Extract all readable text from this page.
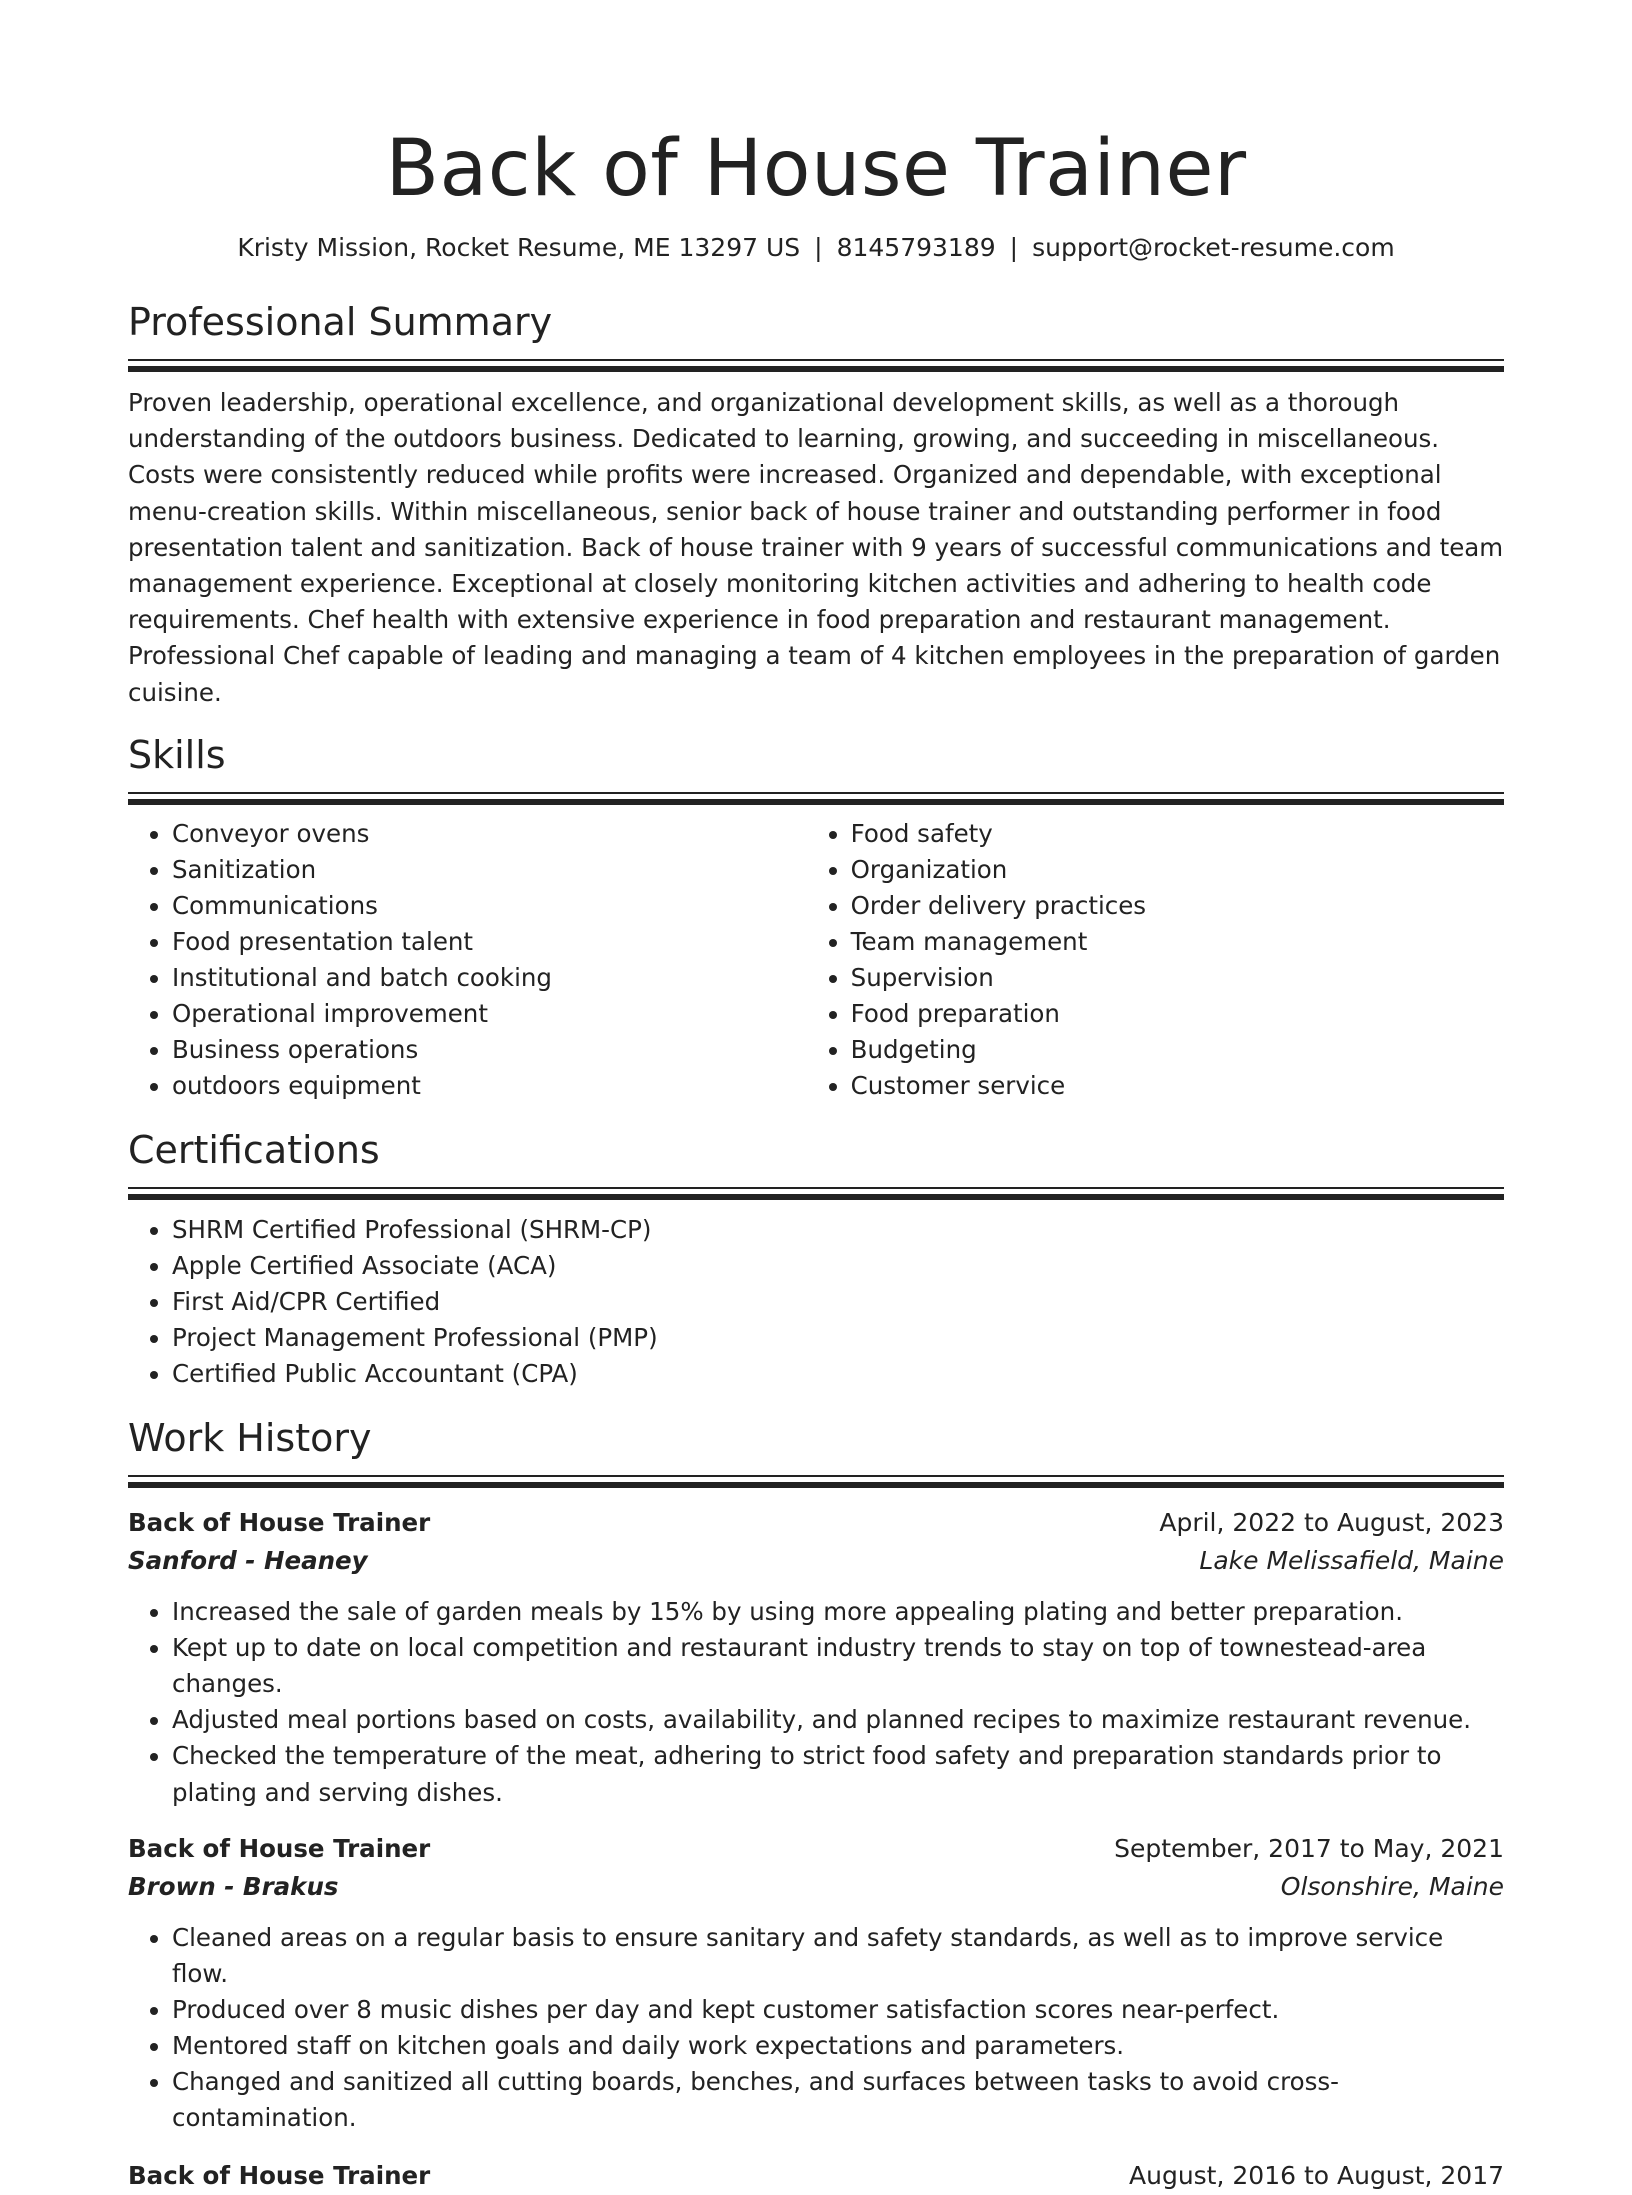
Back of House Trainer
Kristy Mission, Rocket Resume, ME 13297 US | 8145793189 | support@rocket-resume.com
Professional Summary
Proven leadership, operational excellence, and organizational development skills, as well as a thorough understanding of the outdoors business. Dedicated to learning, growing, and succeeding in miscellaneous. Costs were consistently reduced while profits were increased. Organized and dependable, with exceptional menu-creation skills. Within miscellaneous, senior back of house trainer and outstanding performer in food presentation talent and sanitization. Back of house trainer with 9 years of successful communications and team management experience. Exceptional at closely monitoring kitchen activities and adhering to health code requirements. Chef health with extensive experience in food preparation and restaurant management. Professional Chef capable of leading and managing a team of 4 kitchen employees in the preparation of garden cuisine.
Skills
• Conveyor ovens
• Sanitization
• Communications
• Food presentation talent
• Institutional and batch cooking
• Operational improvement
• Business operations
• outdoors equipment
• Food safety
• Organization
• Order delivery practices
• Team management
• Supervision
• Food preparation
• Budgeting
• Customer service
Certifications
• SHRM Certified Professional (SHRM-CP)
• Apple Certified Associate (ACA)
• First Aid/CPR Certified
• Project Management Professional (PMP)
• Certified Public Accountant (CPA)
Work History
Back of House Trainer	April, 2022 to August, 2023
Sanford - Heaney	Lake Melissafield, Maine
• Increased the sale of garden meals by 15% by using more appealing plating and better preparation.
• Kept up to date on local competition and restaurant industry trends to stay on top of townestead-area changes.
• Adjusted meal portions based on costs, availability, and planned recipes to maximize restaurant revenue.
• Checked the temperature of the meat, adhering to strict food safety and preparation standards prior to plating and serving dishes.
Back of House Trainer	September, 2017 to May, 2021
Brown - Brakus	Olsonshire, Maine
• Cleaned areas on a regular basis to ensure sanitary and safety standards, as well as to improve service flow.
• Produced over 8 music dishes per day and kept customer satisfaction scores near-perfect.
• Mentored staff on kitchen goals and daily work expectations and parameters.
• Changed and sanitized all cutting boards, benches, and surfaces between tasks to avoid cross-contamination.
Back of House Trainer	August, 2016 to August, 2017
